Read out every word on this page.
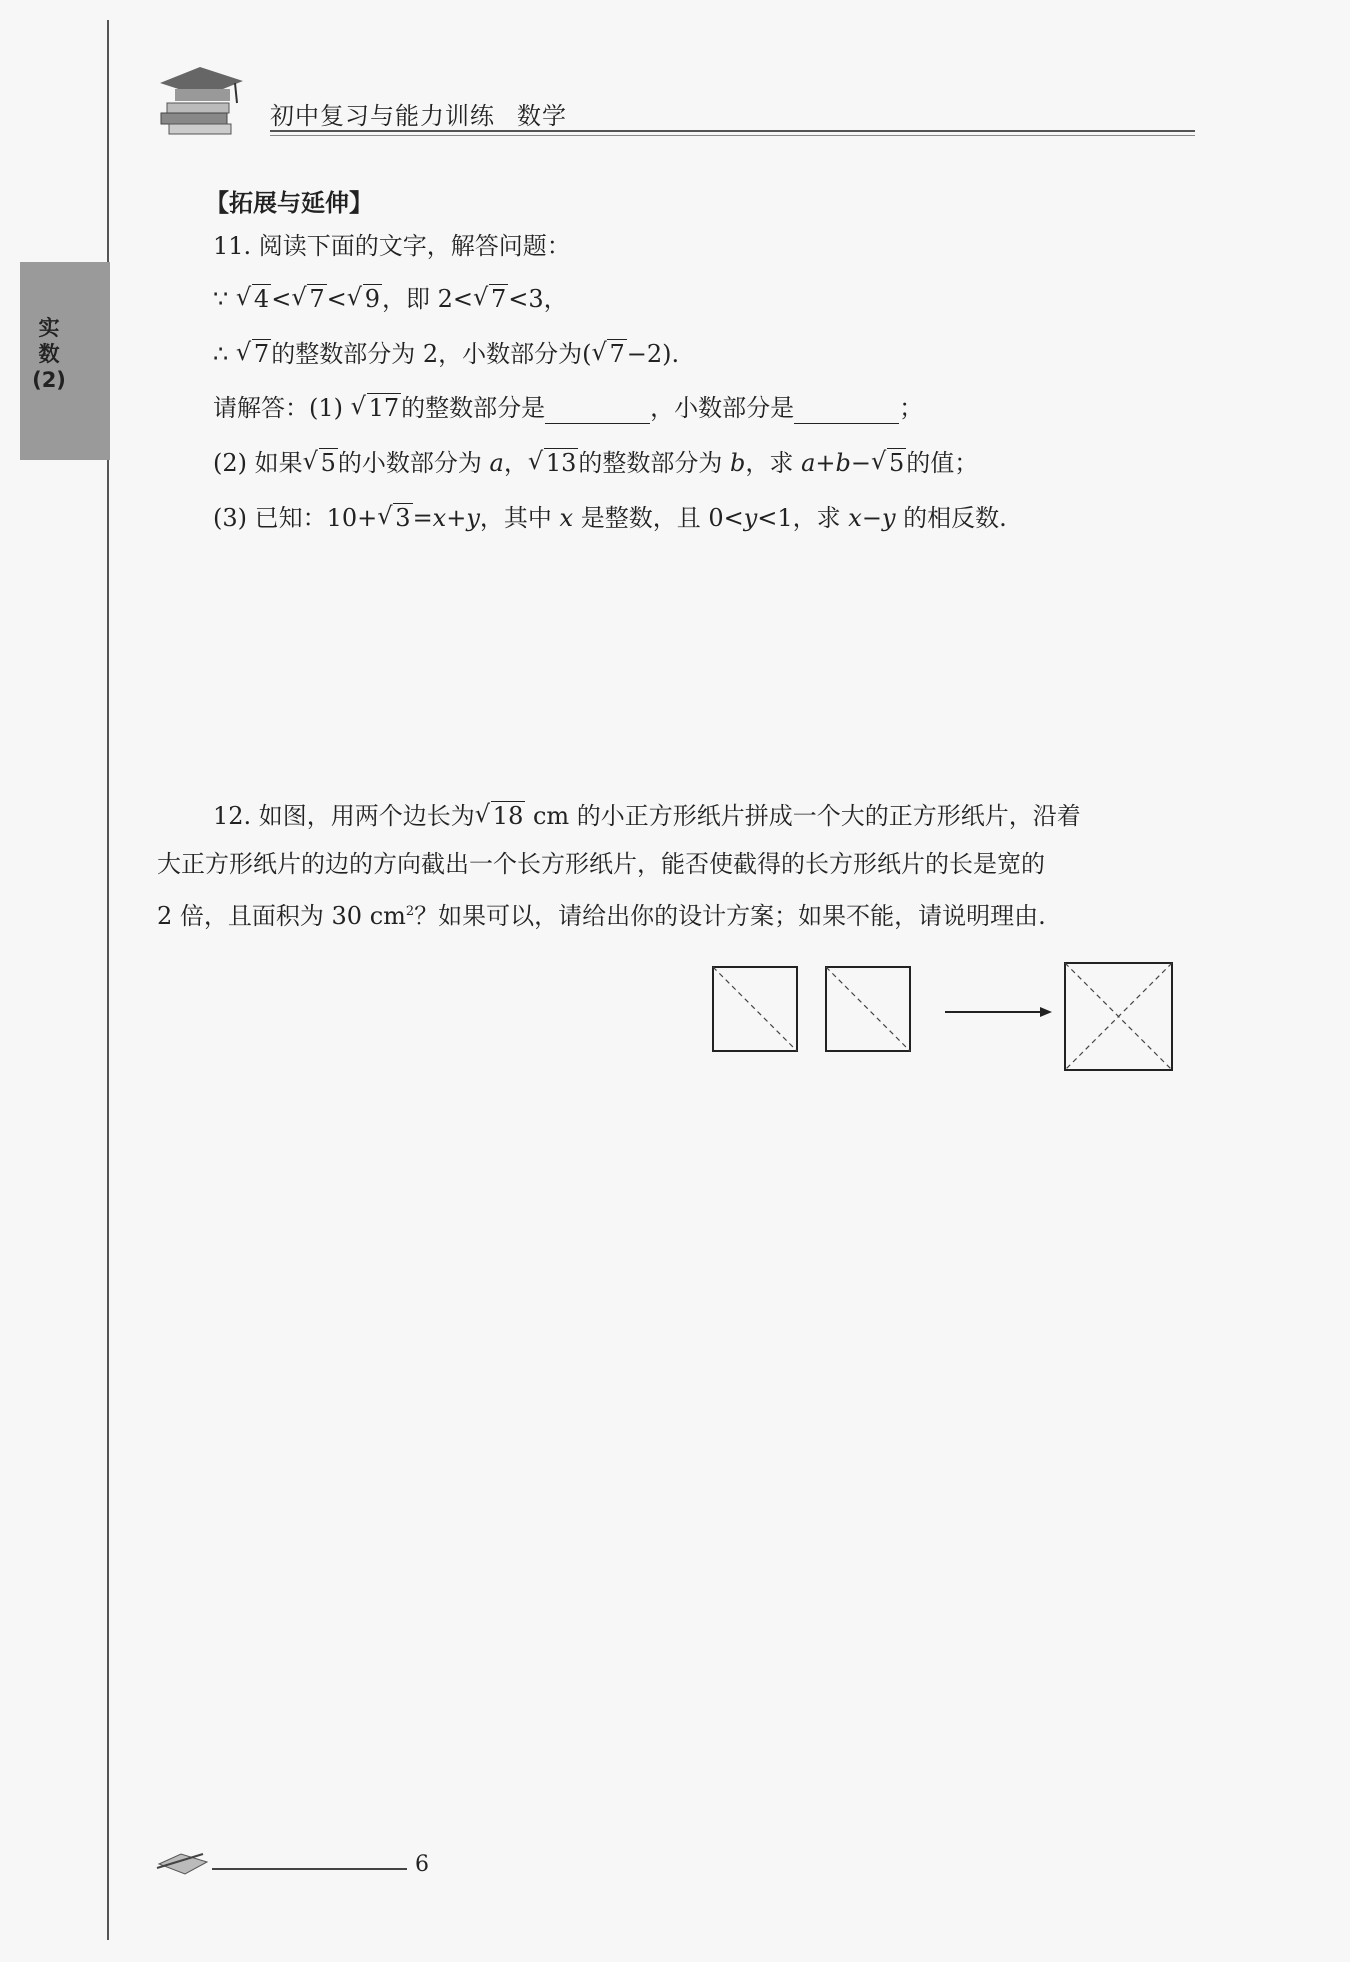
实
数
(2)
初中复习与能力训练 数学
【拓展与延伸】
11. 阅读下面的文字，解答问题：
∵ √ 4< √ 7< √ 9，即 2< √ 7<3，
∴ √ 7的整数部分为 2，小数部分为( √ 7−2).
请解答：(1) √ 17的整数部分是	，小数部分是	；
(2) 如果 √ 5的小数部分为 a， √ 13的整数部分为 b，求 a+b− √ 5的值；
(3) 已知：10+ √ 3=x+y，其中 x 是整数，且 0<y<1，求 x−y 的相反数.
12. 如图，用两个边长为 √ 18 cm 的小正方形纸片拼成一个大的正方形纸片，沿着
大正方形纸片的边的方向截出一个长方形纸片，能否使截得的长方形纸片的长是宽的
2 倍，且面积为 30 $cm^2$？如果可以，请给出你的设计方案；如果不能，请说明理由.
6
